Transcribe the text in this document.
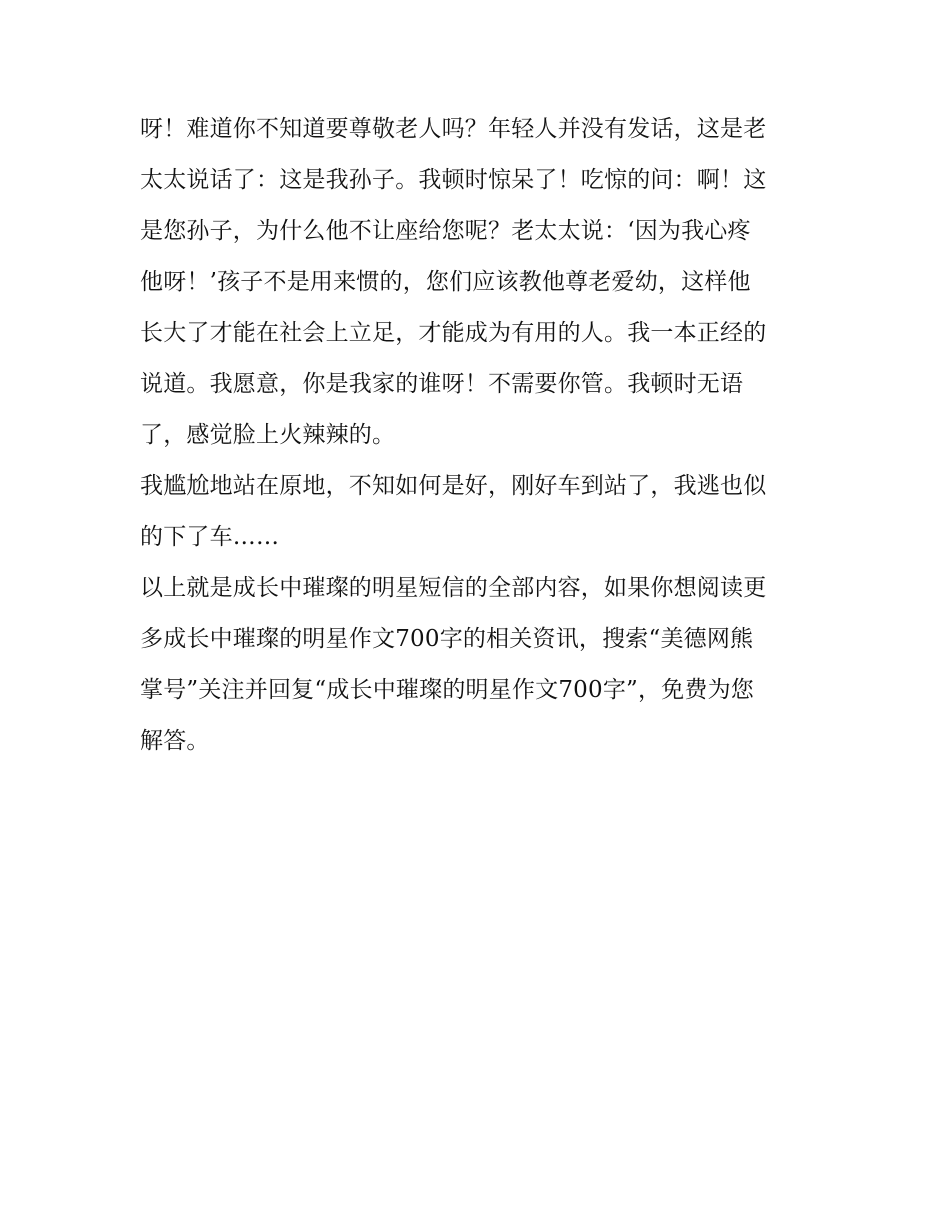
呀！难道你不知道要尊敬老人吗？年轻人并没有发话，这是老
太太说话了：这是我孙子。我顿时惊呆了！吃惊的问：啊！这
是您孙子，为什么他不让座给您呢？老太太说：‘因为我心疼
他呀！’孩子不是用来惯的，您们应该教他尊老爱幼，这样他
长大了才能在社会上立足，才能成为有用的人。我一本正经的
说道。我愿意，你是我家的谁呀！不需要你管。我顿时无语
了，感觉脸上火辣辣的。

我尴尬地站在原地，不知如何是好，刚好车到站了，我逃也似
的下了车……

以上就是成长中璀璨的明星短信的全部内容，如果你想阅读更
多成长中璀璨的明星作文700字的相关资讯，搜索“美德网熊
掌号”关注并回复“成长中璀璨的明星作文700字”，免费为您
解答。
